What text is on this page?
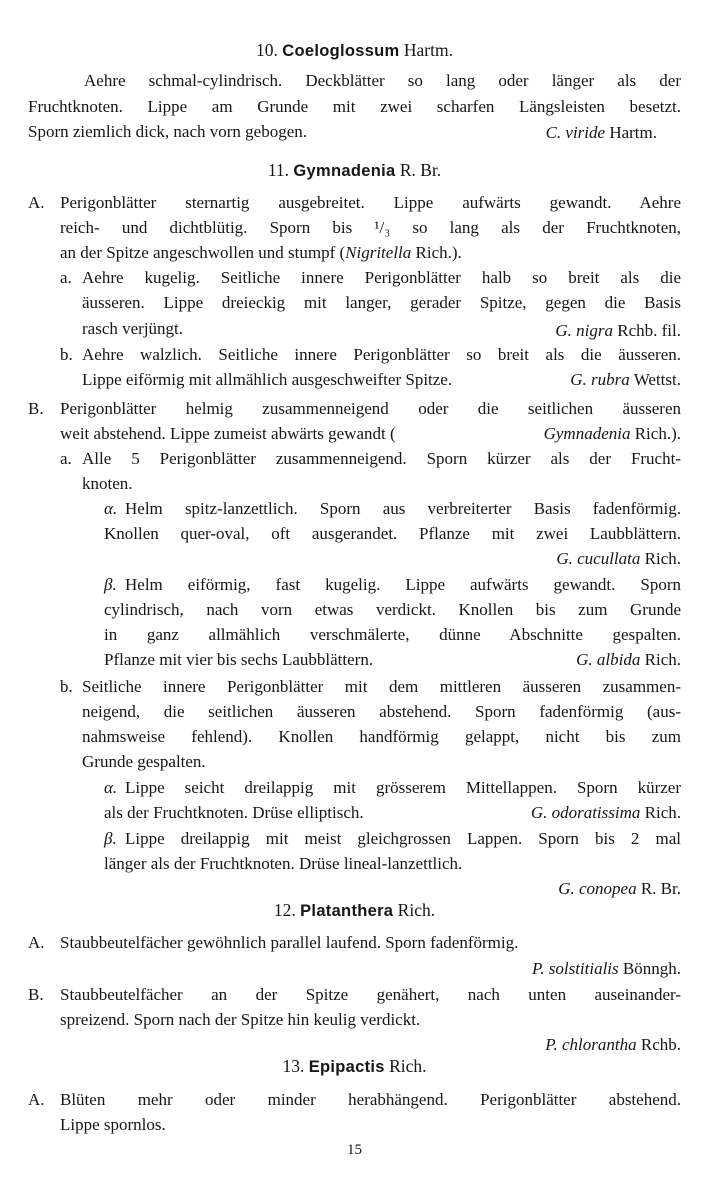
10. Coeloglossum Hartm.
Aehre schmal-cylindrisch. Deckblätter so lang oder länger als der
Fruchtknoten. Lippe am Grunde mit zwei scharfen Längsleisten besetzt.
Sporn ziemlich dick, nach vorn gebogen.	C. viride Hartm.
11. Gymnadenia R. Br.
A. Perigonblätter sternartig ausgebreitet. Lippe aufwärts gewandt. Aehre
reich- und dichtblütig. Sporn bis ¹/₃ so lang als der Fruchtknoten,
an der Spitze angeschwollen und stumpf (Nigritella Rich.).
a. Aehre kugelig. Seitliche innere Perigonblätter halb so breit als die
äusseren. Lippe dreieckig mit langer, gerader Spitze, gegen die Basis
rasch verjüngt.	G. nigra Rchb. fil.
b. Aehre walzlich. Seitliche innere Perigonblätter so breit als die äusseren.
Lippe eiförmig mit allmählich ausgeschweifter Spitze.	G. rubra Wettst.
B. Perigonblätter helmig zusammenneigend oder die seitlichen äusseren
weit abstehend. Lippe zumeist abwärts gewandt (	Gymnadenia Rich.).
a. Alle 5 Perigonblätter zusammenneigend. Sporn kürzer als der Frucht-
knoten.
α. Helm spitz-lanzettlich. Sporn aus verbreiterter Basis fadenförmig.
Knollen quer-oval, oft ausgerandet. Pflanze mit zwei Laubblättern.
G. cucullata Rich.
β. Helm eiförmig, fast kugelig. Lippe aufwärts gewandt. Sporn
cylindrisch, nach vorn etwas verdickt. Knollen bis zum Grunde
in ganz allmählich verschmälerte, dünne Abschnitte gespalten.
Pflanze mit vier bis sechs Laubblättern.	G. albida Rich.
b. Seitliche innere Perigonblätter mit dem mittleren äusseren zusammen-
neigend, die seitlichen äusseren abstehend. Sporn fadenförmig (aus-
nahmsweise fehlend). Knollen handförmig gelappt, nicht bis zum
Grunde gespalten.
α. Lippe seicht dreilappig mit grösserem Mittellappen. Sporn kürzer
als der Fruchtknoten. Drüse elliptisch.	G. odoratissima Rich.
β. Lippe dreilappig mit meist gleichgrossen Lappen. Sporn bis 2 mal
länger als der Fruchtknoten. Drüse lineal-lanzettlich.
G. conopea R. Br.
12. Platanthera Rich.
A. Staubbeutelfächer gewöhnlich parallel laufend. Sporn fadenförmig.
P. solstitialis Bönngh.
B. Staubbeutelfächer an der Spitze genähert, nach unten auseinander-
spreizend. Sporn nach der Spitze hin keulig verdickt.
P. chlorantha Rchb.
13. Epipactis Rich.
A. Blüten mehr oder minder herabhängend. Perigonblätter abstehend.
Lippe spornlos.
15
